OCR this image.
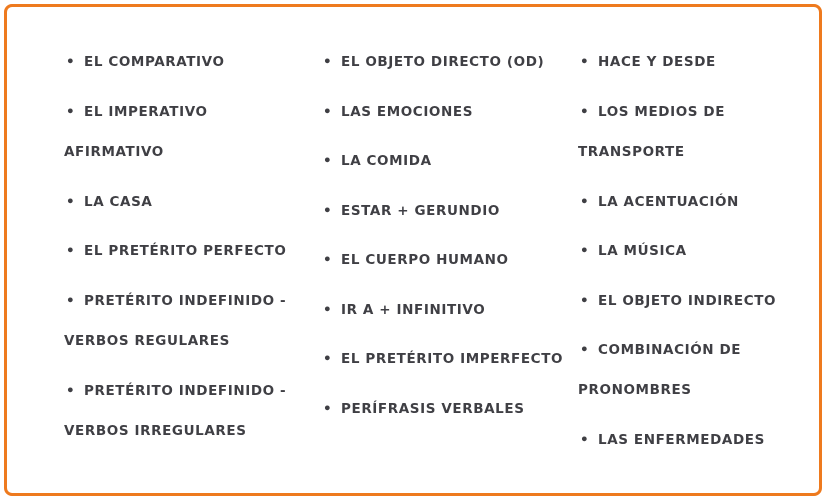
• EL COMPARATIVO
• EL IMPERATIVO AFIRMATIVO
• LA CASA
• EL PRETÉRITO PERFECTO
• PRETÉRITO INDEFINIDO - VERBOS REGULARES
• PRETÉRITO INDEFINIDO - VERBOS IRREGULARES
• EL OBJETO DIRECTO (OD)
• LAS EMOCIONES
• LA COMIDA
• ESTAR + GERUNDIO
• EL CUERPO HUMANO
• IR A + INFINITIVO
• EL PRETÉRITO IMPERFECTO
• PERÍFRASIS VERBALES
• HACE Y DESDE
• LOS MEDIOS DE TRANSPORTE
• LA ACENTUACIÓN
• LA MÚSICA
• EL OBJETO INDIRECTO
• COMBINACIÓN DE PRONOMBRES
• LAS ENFERMEDADES
